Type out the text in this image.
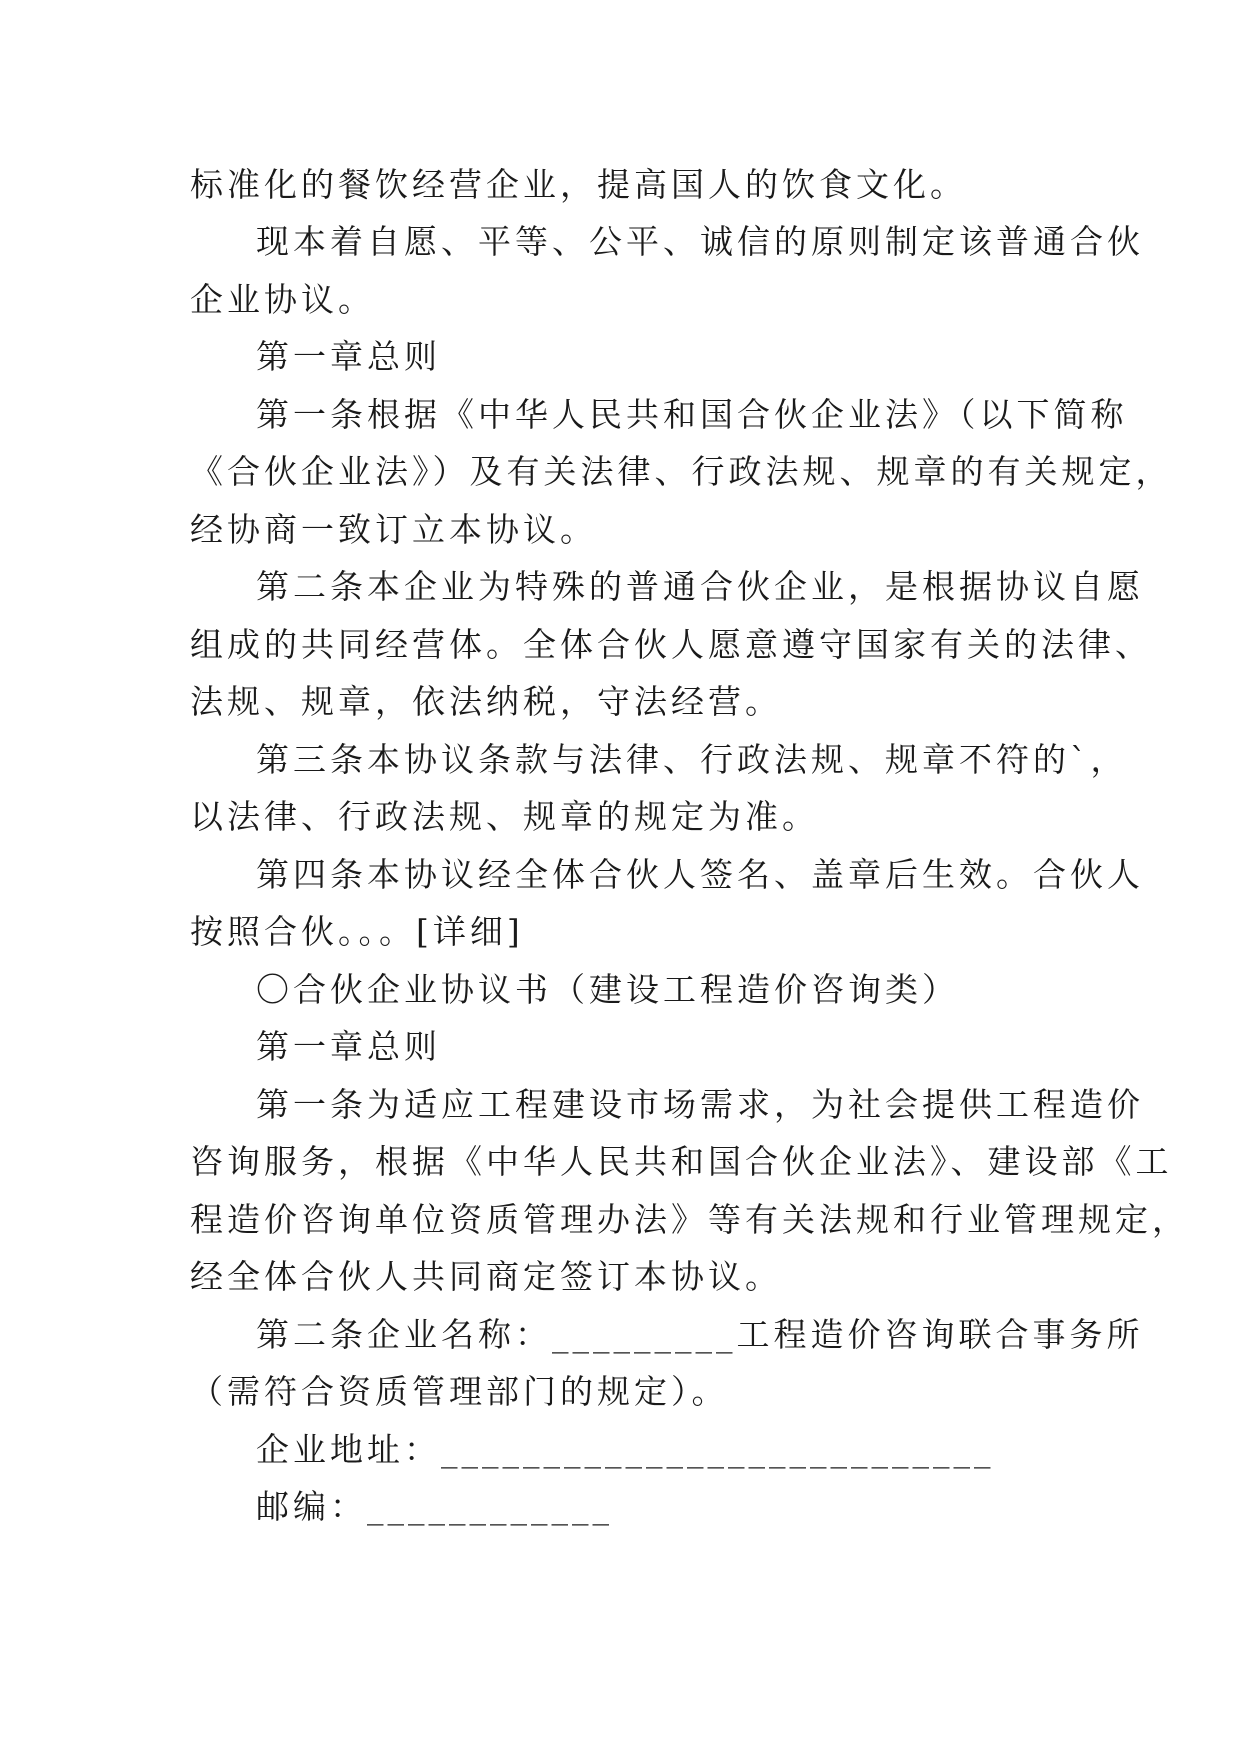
标准化的餐饮经营企业，提高国人的饮食文化。
现本着自愿、平等、公平、诚信的原则制定该普通合伙
企业协议。
第一章总则
第一条根据《中华人民共和国合伙企业法》（以下简称
《合伙企业法》）及有关法律、行政法规、规章的有关规定，
经协商一致订立本协议。
第二条本企业为特殊的普通合伙企业，是根据协议自愿
组成的共同经营体。全体合伙人愿意遵守国家有关的法律、
法规、规章，依法纳税，守法经营。
第三条本协议条款与法律、行政法规、规章不符的`，
以法律、行政法规、规章的规定为准。
第四条本协议经全体合伙人签名、盖章后生效。合伙人
按照合伙。。。[详细]
〇合伙企业协议书（建设工程造价咨询类）
第一章总则
第一条为适应工程建设市场需求，为社会提供工程造价
咨询服务，根据《中华人民共和国合伙企业法》、建设部《工
程造价咨询单位资质管理办法》等有关法规和行业管理规定，
经全体合伙人共同商定签订本协议。
第二条企业名称：_________工程造价咨询联合事务所
（需符合资质管理部门的规定）。
企业地址：___________________________
邮编：____________
